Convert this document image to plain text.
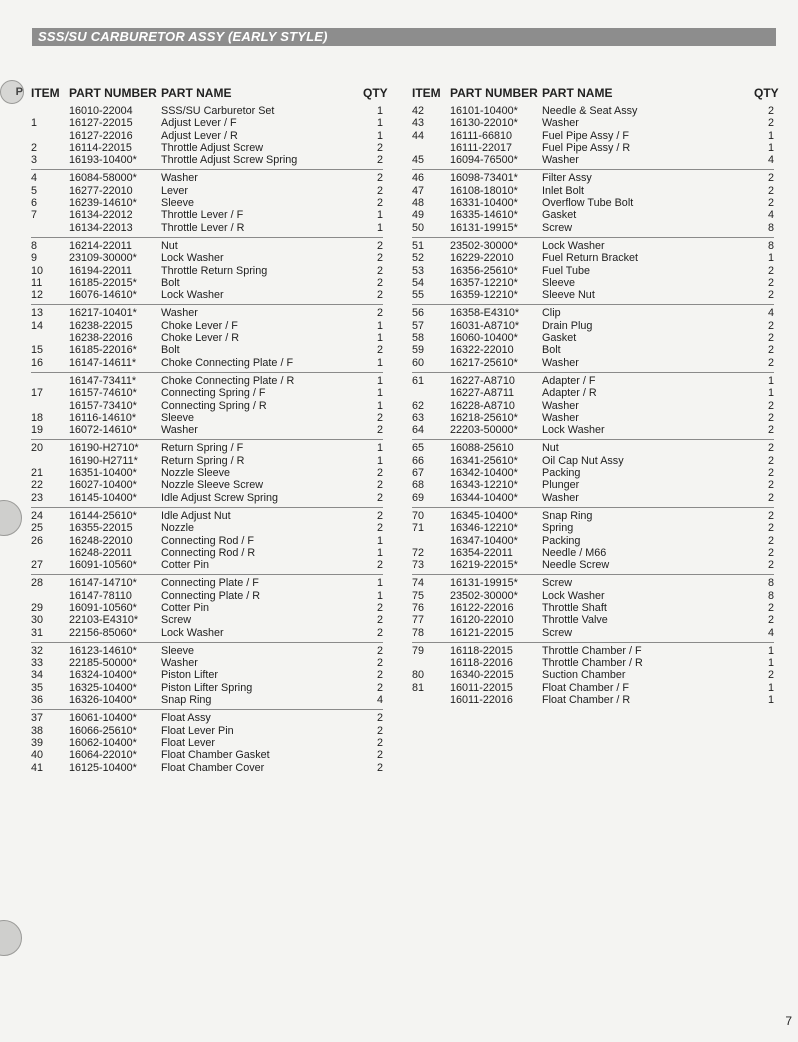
SSS/SU CARBURETOR ASSY (EARLY STYLE)
P ITEM PART NUMBER PART NAME	QTY
16010-22004	SSS/SU Carburetor Set	1
1	16127-22015	Adjust Lever / F	1
16127-22016	Adjust Lever / R	1
2	16114-22015	Throttle Adjust Screw	2
3	16193-10400* Throttle Adjust Screw Spring	2
4	16084-58000* Washer	2
5	16277-22010	Lever	2
6	16239-14610* Sleeve	2
7	16134-22012	Throttle Lever / F	1
16134-22013	Throttle Lever / R	1
8	16214-22011	Nut	2
9	23109-30000* Lock Washer	2
10 16194-22011	Throttle Return Spring	2
11 16185-22015* Bolt	2
12 16076-14610* Lock Washer	2
13 16217-10401* Washer	2
14 16238-22015	Choke Lever / F	1
16238-22016	Choke Lever / R	1
15 16185-22016* Bolt	2
16 16147-14611* Choke Connecting Plate / F	1
16147-73411* Choke Connecting Plate / R	1
17 16157-74610* Connecting Spring / F	1
16157-73410* Connecting Spring / R	1
18 16116-14610* Sleeve	2
19 16072-14610* Washer	2
20 16190-H2710* Return Spring / F	1
16190-H2711* Return Spring / R	1
21 16351-10400* Nozzle Sleeve	2
22 16027-10400* Nozzle Sleeve Screw	2
23 16145-10400* Idle Adjust Screw Spring	2
24 16144-25610* Idle Adjust Nut	2
25 16355-22015	Nozzle	2
26 16248-22010	Connecting Rod / F	1
16248-22011	Connecting Rod / R	1
27 16091-10560* Cotter Pin	2
28 16147-14710* Connecting Plate / F	1
16147-78110	Connecting Plate / R	1
29 16091-10560* Cotter Pin	2
30 22103-E4310* Screw	2
31 22156-85060* Lock Washer	2
32 16123-14610* Sleeve	2
33 22185-50000* Washer	2
34 16324-10400* Piston Lifter	2
35 16325-10400* Piston Lifter Spring	2
36 16326-10400* Snap Ring	4
37 16061-10400* Float Assy	2
38 16066-25610* Float Lever Pin	2
39 16062-10400* Float Lever	2
40 16064-22010* Float Chamber Gasket	2
41 16125-10400* Float Chamber Cover	2
ITEM PART NUMBER PART NAME	QTY
42 16101-10400* Needle & Seat Assy	2
43 16130-22010* Washer	2
44 16111-66810	Fuel Pipe Assy / F	1
16111-22017	Fuel Pipe Assy / R	1
45 16094-76500* Washer	4
46 16098-73401* Filter Assy	2
47 16108-18010* Inlet Bolt	2
48 16331-10400* Overflow Tube Bolt	2
49 16335-14610* Gasket	4
50 16131-19915* Screw	8
51 23502-30000* Lock Washer	8
52 16229-22010	Fuel Return Bracket	1
53 16356-25610* Fuel Tube	2
54 16357-12210* Sleeve	2
55 16359-12210* Sleeve Nut	2
56 16358-E4310* Clip	4
57 16031-A8710* Drain Plug	2
58 16060-10400* Gasket	2
59 16322-22010	Bolt	2
60 16217-25610* Washer	2
61 16227-A8710	Adapter / F	1
16227-A8711	Adapter / R	1
62 16228-A8710	Washer	2
63 16218-25610* Washer	2
64 22203-50000* Lock Washer	2
65 16088-25610	Nut	2
66 16341-25610* Oil Cap Nut Assy	2
67 16342-10400* Packing	2
68 16343-12210* Plunger	2
69 16344-10400* Washer	2
70 16345-10400* Snap Ring	2
71 16346-12210* Spring	2
16347-10400* Packing	2
72 16354-22011	Needle / M66	2
73 16219-22015* Needle Screw	2
74 16131-19915* Screw	8
75 23502-30000* Lock Washer	8
76 16122-22016	Throttle Shaft	2
77 16120-22010	Throttle Valve	2
78 16121-22015	Screw	4
79 16118-22015	Throttle Chamber / F	1
16118-22016	Throttle Chamber / R	1
80 16340-22015	Suction Chamber	2
81 16011-22015	Float Chamber / F	1
16011-22016	Float Chamber / R	1
7
